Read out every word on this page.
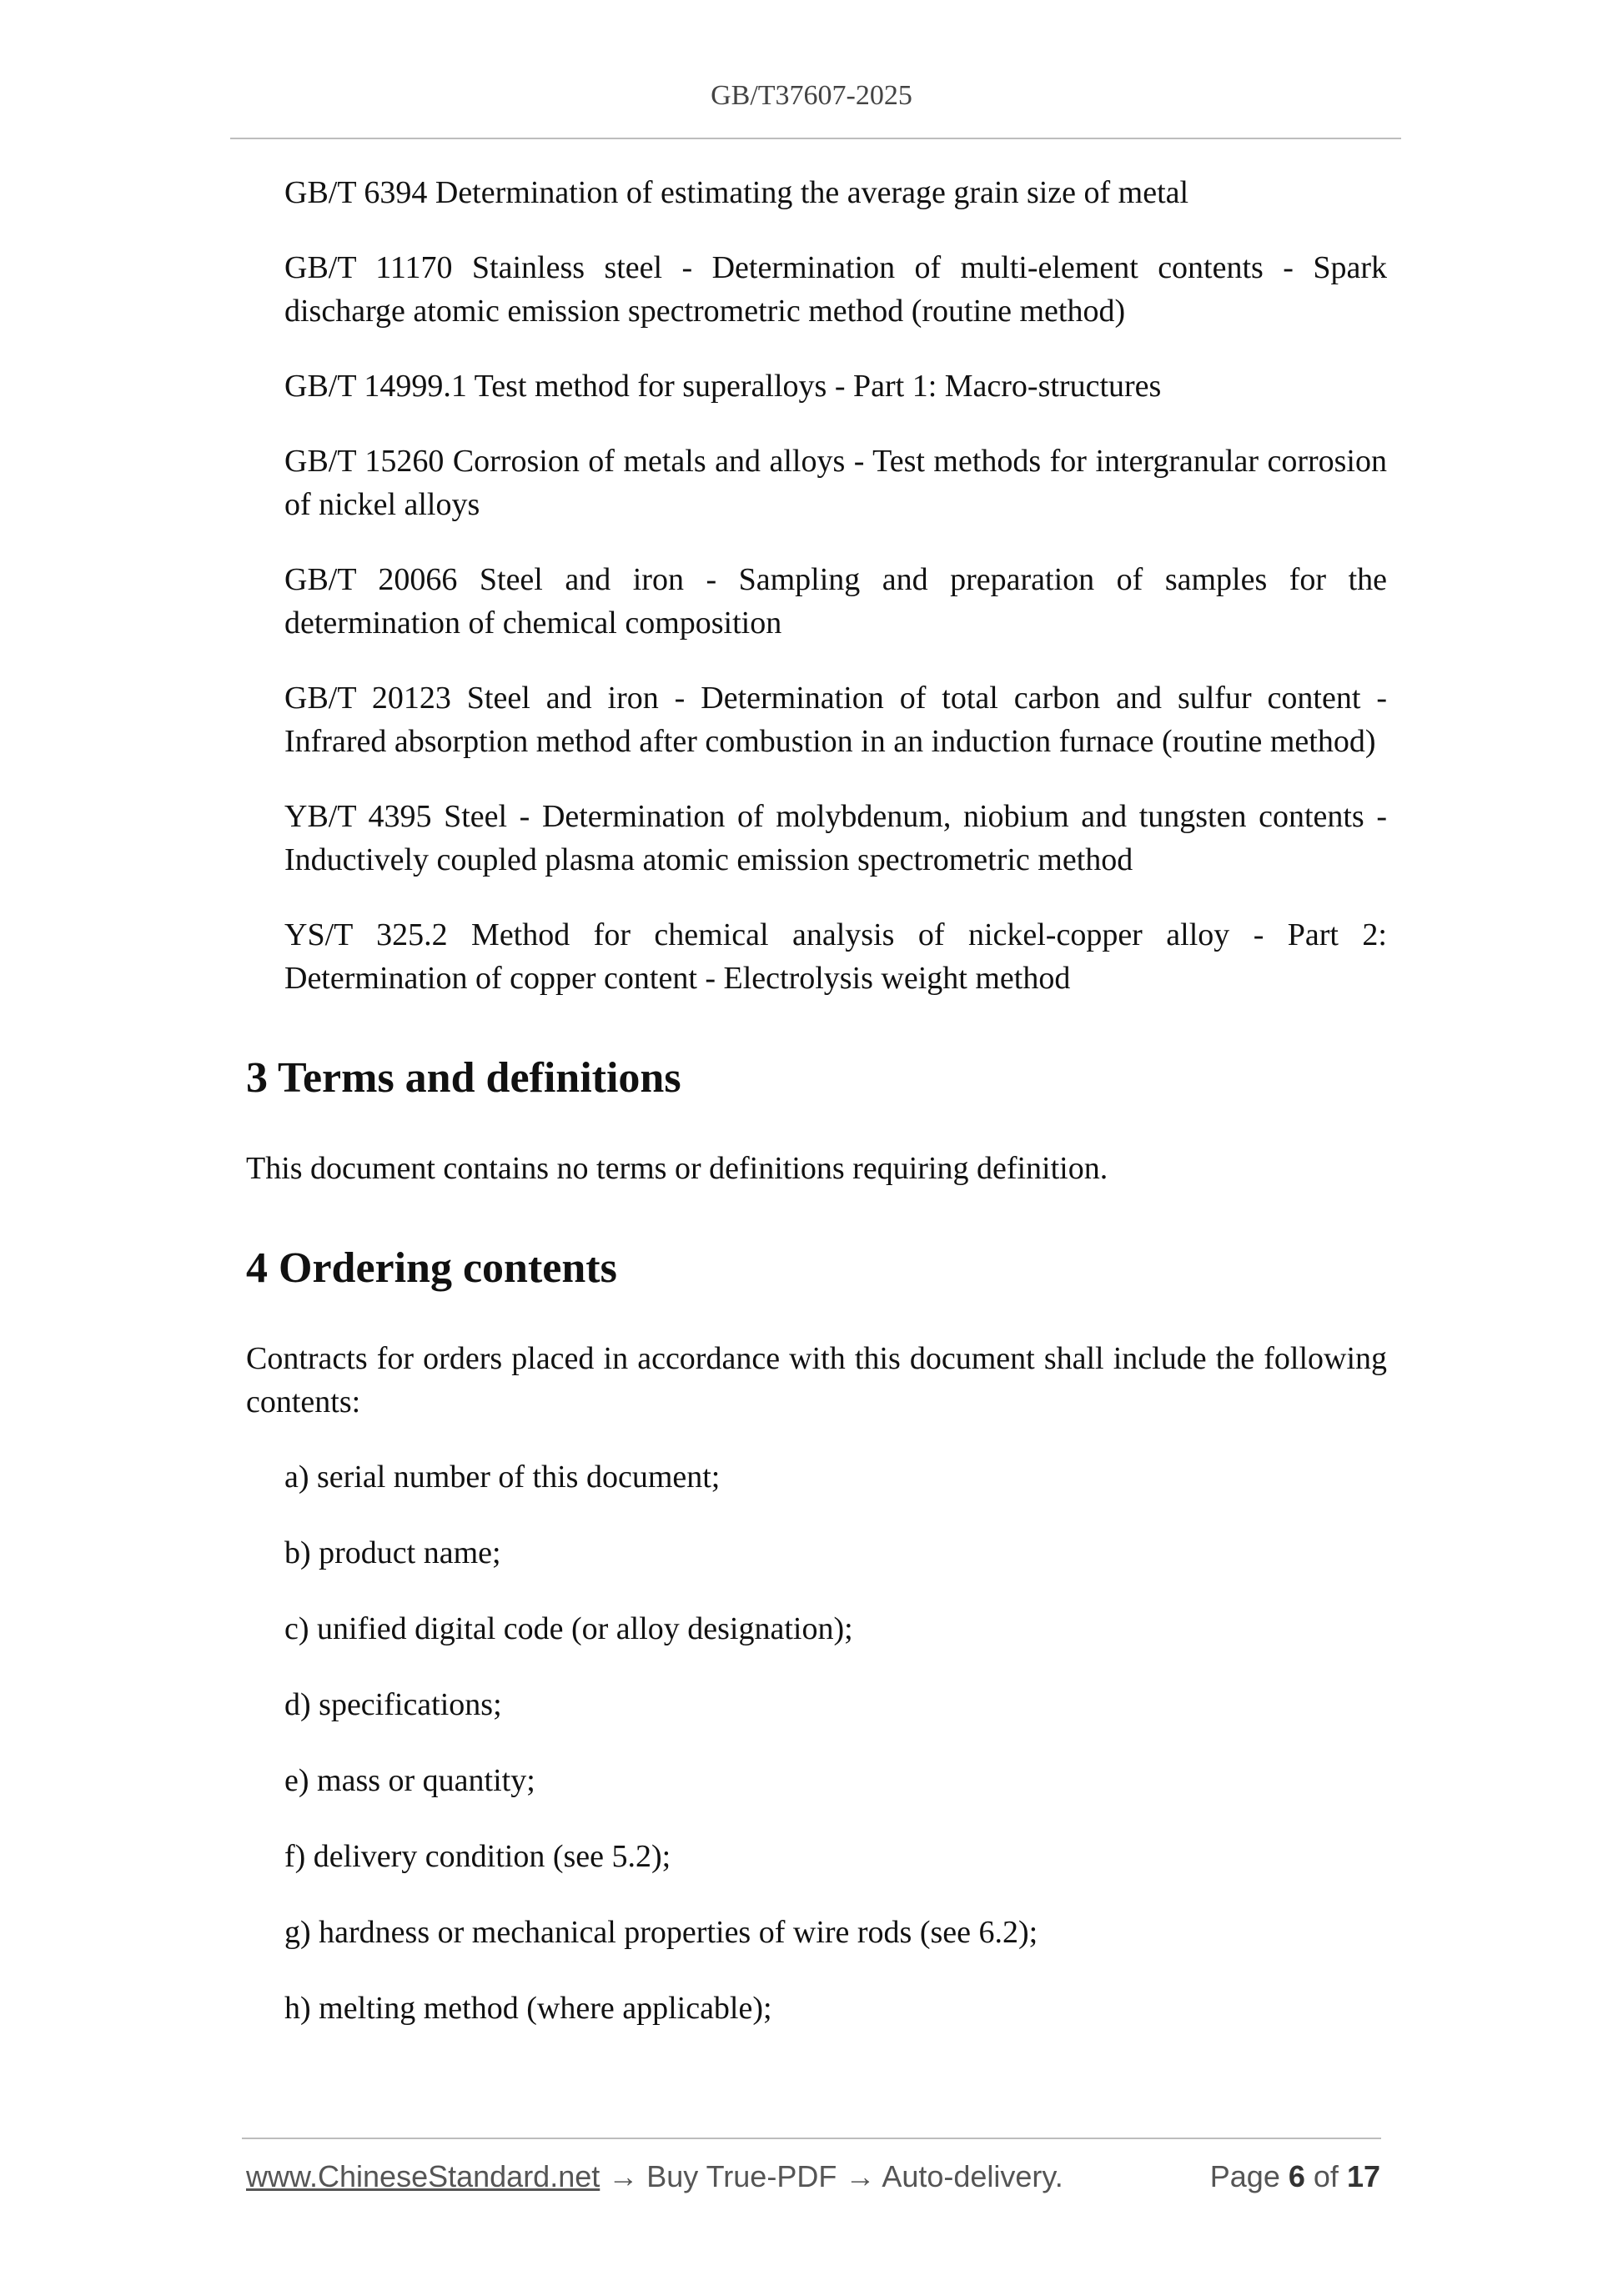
GB/T37607-2025

GB/T 6394 Determination of estimating the average grain size of metal

GB/T 11170 Stainless steel - Determination of multi-element contents - Spark discharge atomic emission spectrometric method (routine method)

GB/T 14999.1 Test method for superalloys - Part 1: Macro-structures

GB/T 15260 Corrosion of metals and alloys - Test methods for intergranular corrosion of nickel alloys

GB/T 20066 Steel and iron - Sampling and preparation of samples for the determination of chemical composition

GB/T 20123 Steel and iron - Determination of total carbon and sulfur content - Infrared absorption method after combustion in an induction furnace (routine method)

YB/T 4395 Steel - Determination of molybdenum, niobium and tungsten contents - Inductively coupled plasma atomic emission spectrometric method

YS/T 325.2 Method for chemical analysis of nickel-copper alloy - Part 2: Determination of copper content - Electrolysis weight method

3 Terms and definitions

This document contains no terms or definitions requiring definition.

4 Ordering contents

Contracts for orders placed in accordance with this document shall include the following contents:

a) serial number of this document;

b) product name;

c) unified digital code (or alloy designation);

d) specifications;

e) mass or quantity;

f) delivery condition (see 5.2);

g) hardness or mechanical properties of wire rods (see 6.2);

h) melting method (where applicable);

www.ChineseStandard.net → Buy True-PDF → Auto-delivery.	Page 6 of 17
